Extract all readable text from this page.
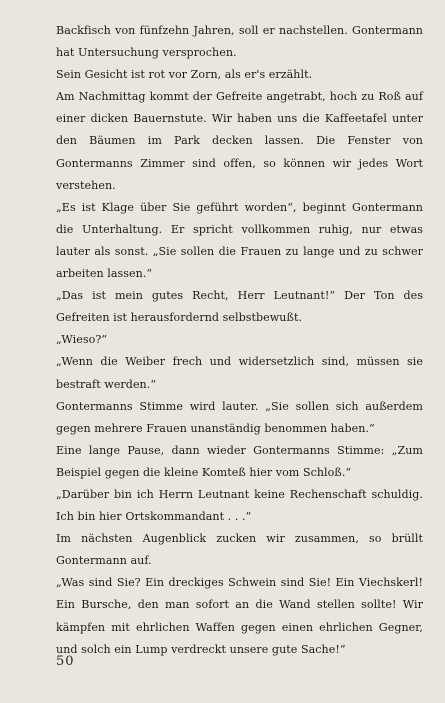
Backfisch von fünfzehn Jahren, soll er nachstellen. Gontermann hat Untersuchung versprochen.

Sein Gesicht ist rot vor Zorn, als er's erzählt.

Am Nachmittag kommt der Gefreite angetrabt, hoch zu Roß auf einer dicken Bauernstute. Wir haben uns die Kaffeetafel unter den Bäumen im Park decken lassen. Die Fenster von Gontermanns Zimmer sind offen, so können wir jedes Wort verstehen.

„Es ist Klage über Sie geführt worden“, beginnt Gontermann die Unterhaltung. Er spricht vollkommen ruhig, nur etwas lauter als sonst. „Sie sollen die Frauen zu lange und zu schwer arbeiten lassen.“

„Das ist mein gutes Recht, Herr Leutnant!“ Der Ton des Gefreiten ist herausfordernd selbstbewußt.

„Wieso?“

„Wenn die Weiber frech und widersetzlich sind, müssen sie bestraft werden.“

Gontermanns Stimme wird lauter. „Sie sollen sich außerdem gegen mehrere Frauen unanständig benommen haben.“

Eine lange Pause, dann wieder Gontermanns Stimme: „Zum Beispiel gegen die kleine Komteß hier vom Schloß.“

„Darüber bin ich Herrn Leutnant keine Rechenschaft schuldig. Ich bin hier Ortskommandant . . .“

Im nächsten Augenblick zucken wir zusammen, so brüllt Gontermann auf.

„Was sind Sie? Ein dreckiges Schwein sind Sie! Ein Viechskerl! Ein Bursche, den man sofort an die Wand stellen sollte! Wir kämpfen mit ehrlichen Waffen gegen einen ehrlichen Gegner, und solch ein Lump verdreckt unsere gute Sache!“

50
